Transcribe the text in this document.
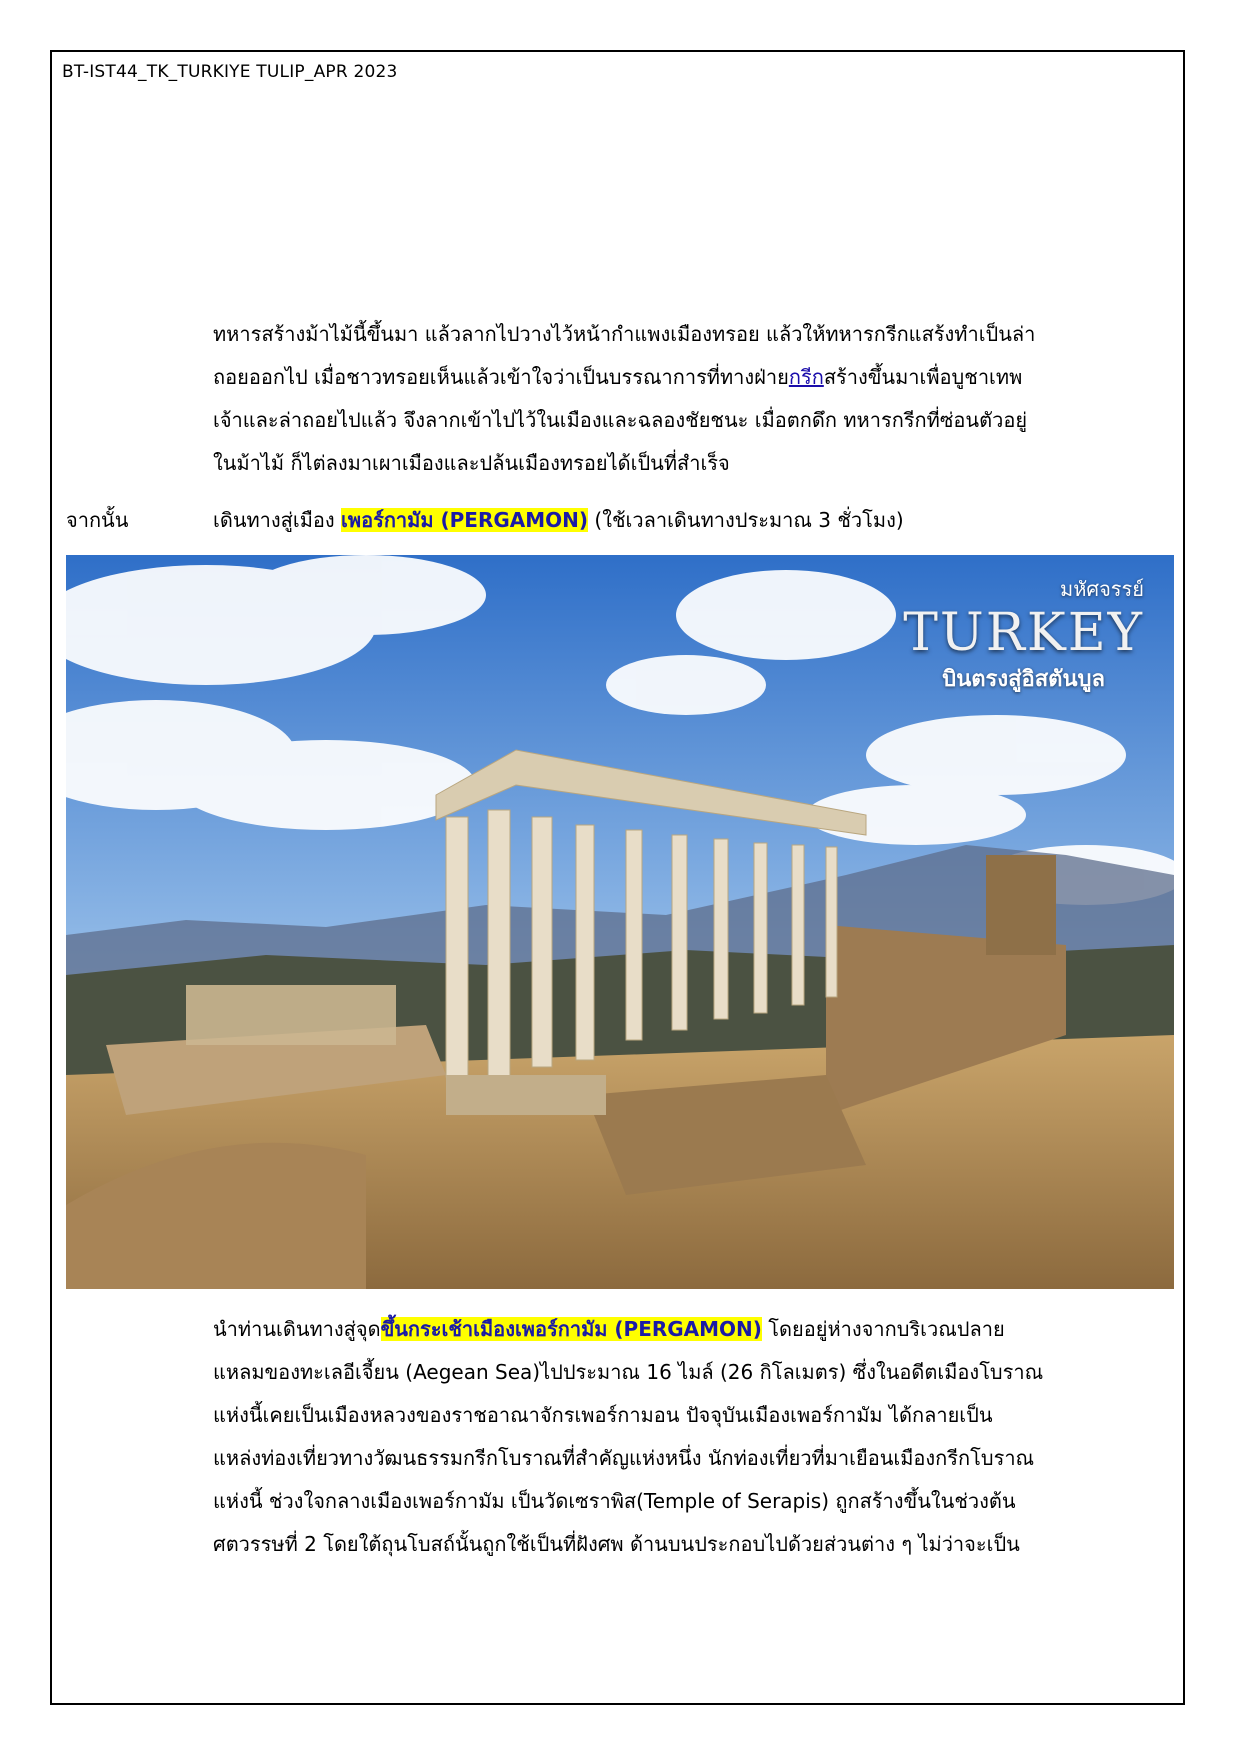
BT-IST44_TK_TURKIYE TULIP_APR 2023
ทหารสร้างม้าไม้นี้ขึ้นมา แล้วลากไปวางไว้หน้ากำแพงเมืองทรอย แล้วให้ทหารกรีกแสร้งทำเป็นล่า
ถอยออกไป เมื่อชาวทรอยเห็นแล้วเข้าใจว่าเป็นบรรณาการที่ทางฝ่ายกรีกสร้างขึ้นมาเพื่อบูชาเทพ
เจ้าและล่าถอยไปแล้ว จึงลากเข้าไปไว้ในเมืองและฉลองชัยชนะ เมื่อตกดึก ทหารกรีกที่ซ่อนตัวอยู่
ในม้าไม้ ก็ไต่ลงมาเผาเมืองและปล้นเมืองทรอยได้เป็นที่สำเร็จ
จากนั้น	เดินทางสู่เมือง เพอร์กามัม (PERGAMON) (ใช้เวลาเดินทางประมาณ 3 ชั่วโมง)
มหัศจรรย์
TURKEY
บินตรงสู่อิสตันบูล
นำท่านเดินทางสู่จุดขึ้นกระเช้าเมืองเพอร์กามัม (PERGAMON) โดยอยู่ห่างจากบริเวณปลาย
แหลมของทะเลอีเจี้ยน (Aegean Sea)ไปประมาณ 16 ไมล์ (26 กิโลเมตร) ซึ่งในอดีตเมืองโบราณ
แห่งนี้เคยเป็นเมืองหลวงของราชอาณาจักรเพอร์กามอน ปัจจุบันเมืองเพอร์กามัม ได้กลายเป็น
แหล่งท่องเที่ยวทางวัฒนธรรมกรีกโบราณที่สำคัญแห่งหนึ่ง นักท่องเที่ยวที่มาเยือนเมืองกรีกโบราณ
แห่งนี้ ช่วงใจกลางเมืองเพอร์กามัม เป็นวัดเซราพิส(Temple of Serapis) ถูกสร้างขึ้นในช่วงต้น
ศตวรรษที่ 2 โดยใต้ถุนโบสถ์นั้นถูกใช้เป็นที่ฝังศพ ด้านบนประกอบไปด้วยส่วนต่าง ๆ ไม่ว่าจะเป็น
